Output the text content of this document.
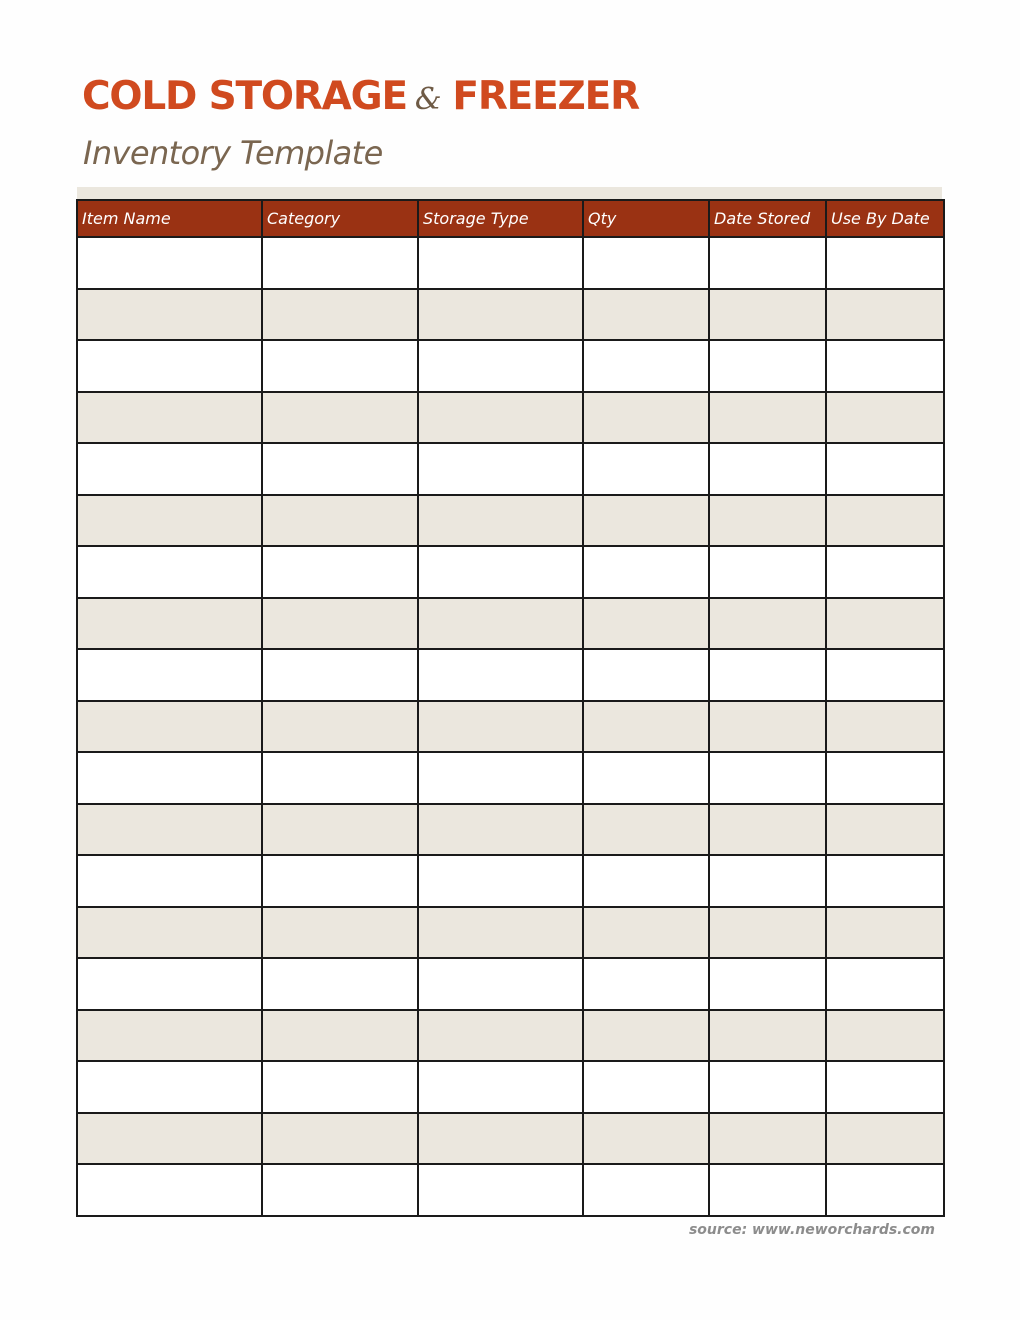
COLD STORAGE & FREEZER
Inventory Template
Item Name	Category	Storage Type	Qty	Date Stored	Use By Date

source: www.neworchards.com
